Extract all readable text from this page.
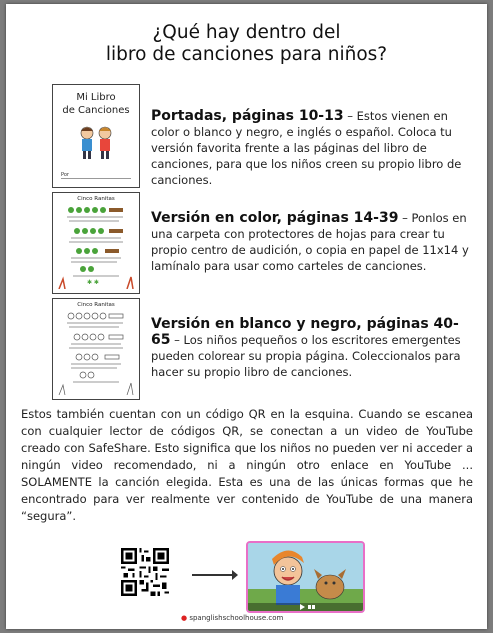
¿Qué hay dentro del
libro de canciones para niños?
Mi Libro
de Canciones
Por
Cinco Ranitas
✱ ✱
Cinco Ranitas
Portadas, páginas 10-13 – Estos vienen en color o blanco y negro, e inglés o español. Coloca tu versión favorita frente a las páginas del libro de canciones, para que los niños creen su propio libro de canciones.
Versión en color, páginas 14-39 – Ponlos en una carpeta con protectores de hojas para crear tu propio centro de audición, o copia en papel de 11x14 y lamínalo para usar como carteles de canciones.
Versión en blanco y negro, páginas 40-65 – Los niños pequeños o los escritores emergentes pueden colorear su propia página. Coleccionalos para hacer su propio libro de canciones.
Estos también cuentan con un código QR en la esquina. Cuando se escanea con cualquier lector de códigos QR, se conectan a un video de YouTube creado con SafeShare. Esto significa que los niños no pueden ver ni acceder a ningún video recomendado, ni a ningún otro enlace en YouTube ... SOLAMENTE la canción elegida. Esta es una de las únicas formas que he encontrado para ver realmente ver contenido de YouTube de una manera “segura”.
● spanglishschoolhouse.com
